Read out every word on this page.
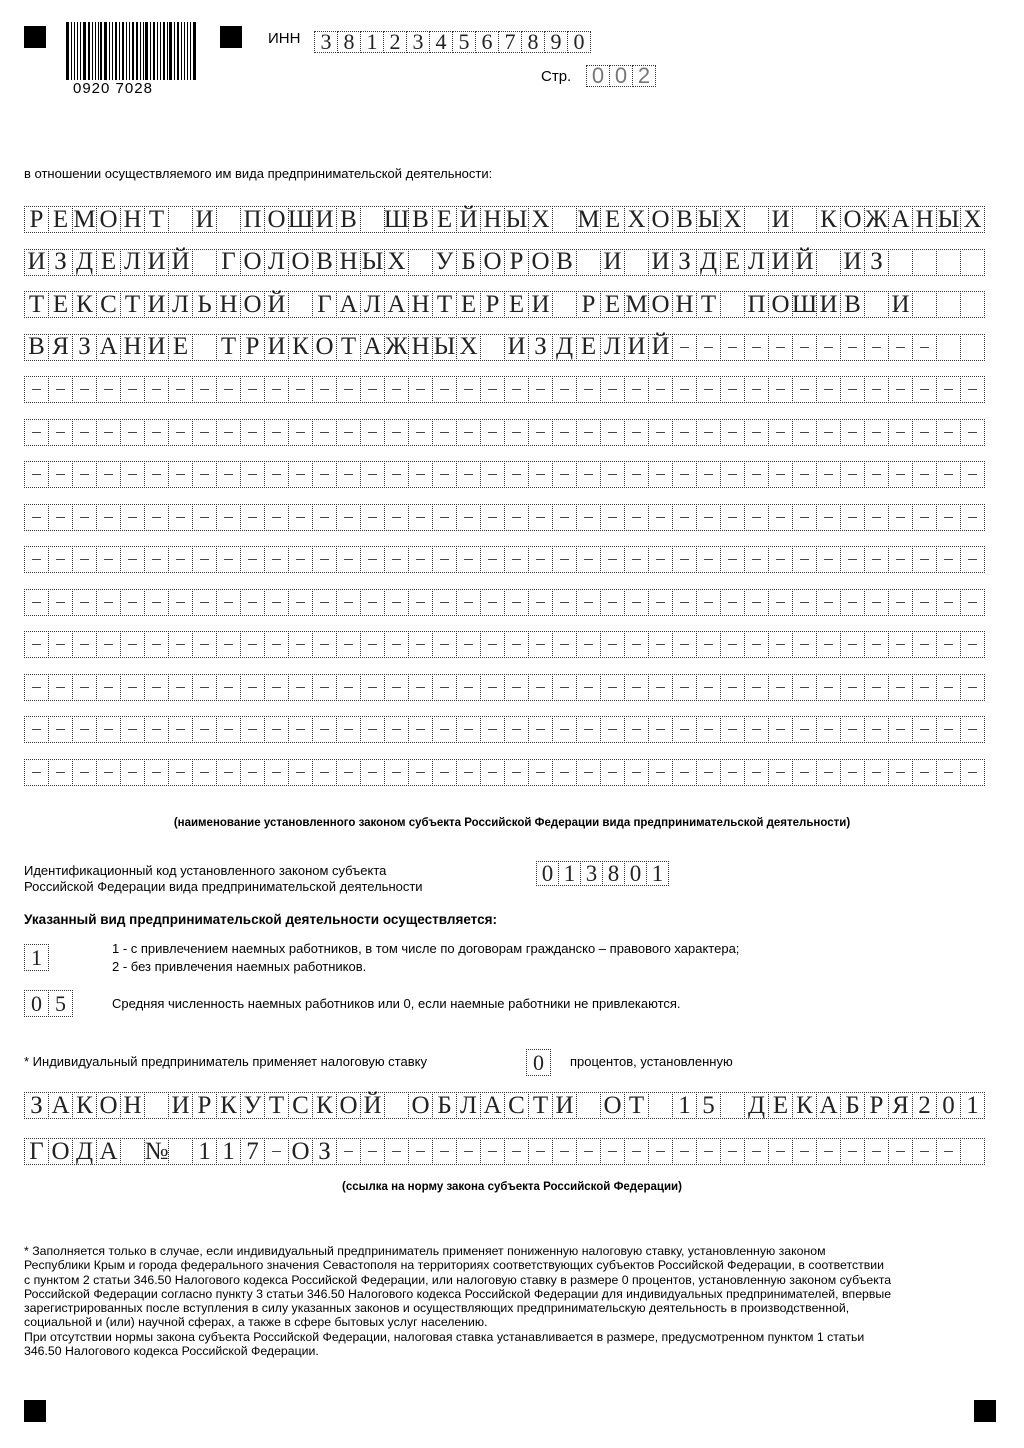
0920 7028
ИНН 3 8 1 2 3 4 5 6 7 8 9 0
Стр. 0 0 2
в отношении осуществляемого им вида предпринимательской деятельности:
Р Е М О Н Т И П О Ш И В Ш В Е Й Н Ы Х М Е Х О В Ы Х И К О Ж А Н Ы Х
И З Д Е Л И Й Г О Л О В Н Ы Х У Б О Р О В И И З Д Е Л И Й И З
Т Е К С Т И Л Ь Н О Й Г А Л А Н Т Е Р Е И Р Е М О Н Т П О Ш И В И
В Я З А Н И Е Т Р И К О Т А Ж Н Ы Х И З Д Е Л И Й
(наименование установленного законом субъекта Российской Федерации вида предпринимательской деятельности)
Идентификационный код установленного законом субъекта
Российской Федерации вида предпринимательской деятельности
0 1 3 8 0 1
Указанный вид предпринимательской деятельности осуществляется:
1	1 - с привлечением наемных работников, в том числе по договорам гражданско – правового характера;
2 - без привлечения наемных работников.
0 5	Средняя численность наемных работников или 0, если наемные работники не привлекаются.
* Индивидуальный предприниматель применяет налоговую ставку	0	процентов, установленную
З А К О Н И Р К У Т С К О Й О Б Л А С Т И О Т 1 5 Д Е К А Б Р Я 2 0 1
Г О Д А № 1 1 7 О З
(ссылка на норму закона субъекта Российской Федерации)
* Заполняется только в случае, если индивидуальный предприниматель применяет пониженную налоговую ставку, установленную законом
Республики Крым и города федерального значения Севастополя на территориях соответствующих субъектов Российской Федерации, в соответствии
с пунктом 2 статьи 346.50 Налогового кодекса Российской Федерации, или налоговую ставку в размере 0 процентов, установленную законом субъекта
Российской Федерации согласно пункту 3 статьи 346.50 Налогового кодекса Российской Федерации для индивидуальных предпринимателей, впервые
зарегистрированных после вступления в силу указанных законов и осуществляющих предпринимательскую деятельность в производственной,
социальной и (или) научной сферах, а также в сфере бытовых услуг населению.
При отсутствии нормы закона субъекта Российской Федерации, налоговая ставка устанавливается в размере, предусмотренном пунктом 1 статьи
346.50 Налогового кодекса Российской Федерации.
